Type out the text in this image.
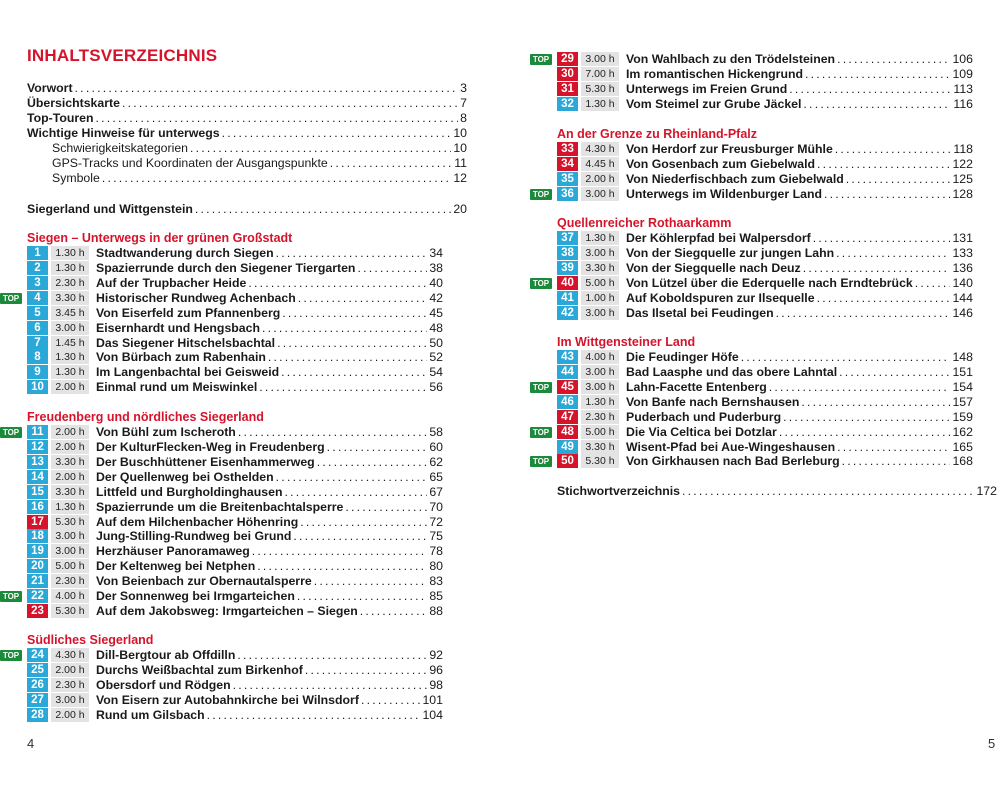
INHALTSVERZEICHNIS
Vorwort . . .	3
Übersichtskarte . . .	7
Top-Touren . . .	8
Wichtige Hinweise für unterwegs . . .	10
Schwierigkeitskategorien . . .	10
GPS-Tracks und Koordinaten der Ausgangspunkte . . .	11
Symbole . . .	12
Siegerland und Wittgenstein . . .	20
Siegen – Unterwegs in der grünen Großstadt
1	1.30 h Stadtwanderung durch Siegen . . .	34
2	1.30 h Spazierrunde durch den Siegener Tiergarten . . .	38
3	2.30 h Auf der Trupbacher Heide . . .	40
TOP	4	3.30 h Historischer Rundweg Achenbach . . .	42
5	3.45 h Von Eiserfeld zum Pfannenberg . . .	45
6	3.00 h Eisernhardt und Hengsbach . . .	48
7	1.45 h Das Siegener Hitschelsbachtal . . .	50
8	1.30 h Von Bürbach zum Rabenhain . . .	52
9	1.30 h Im Langenbachtal bei Geisweid . . .	54
10	2.00 h Einmal rund um Meiswinkel . . .	56
Freudenberg und nördliches Siegerland
TOP	11	2.00 h Von Bühl zum Ischeroth . . .	58
12	2.00 h Der KulturFlecken-Weg in Freudenberg . . .	60
13	3.30 h Der Buschhüttener Eisenhammerweg . . .	62
14	2.00 h Der Quellenweg bei Osthelden . . .	65
15	3.30 h Littfeld und Burgholdinghausen . . .	67
16	1.30 h Spazierrunde um die Breitenbachtalsperre . . .	70
17	5.30 h Auf dem Hilchenbacher Höhenring . . .	72
18	3.00 h Jung-Stilling-Rundweg bei Grund . . .	75
19	3.00 h Herzhäuser Panoramaweg . . .	78
20	5.00 h Der Keltenweg bei Netphen . . .	80
21	2.30 h Von Beienbach zur Obernautalsperre . . .	83
TOP	22	4.00 h Der Sonnenweg bei Irmgarteichen . . .	85
23	5.30 h Auf dem Jakobsweg: Irmgarteichen – Siegen . . .	88
Südliches Siegerland
TOP	24	4.30 h Dill-Bergtour ab Offdilln . . .	92
25	2.00 h Durchs Weißbachtal zum Birkenhof . . .	96
26	2.30 h Obersdorf und Rödgen . . .	98
27	3.00 h Von Eisern zur Autobahnkirche bei Wilnsdorf . . .	101
28	2.00 h Rund um Gilsbach . . .	104
TOP	29	3.00 h Von Wahlbach zu den Trödelsteinen . . .	106
30	7.00 h Im romantischen Hickengrund . . .	109
31	5.30 h Unterwegs im Freien Grund . . .	113
32	1.30 h Vom Steimel zur Grube Jäckel . . .	116
An der Grenze zu Rheinland-Pfalz
33	4.30 h Von Herdorf zur Freusburger Mühle . . .	118
34	4.45 h Von Gosenbach zum Giebelwald . . .	122
35	2.00 h Von Niederfischbach zum Giebelwald . . .	125
TOP	36	3.00 h Unterwegs im Wildenburger Land . . .	128
Quellenreicher Rothaarkamm
37	1.30 h Der Köhlerpfad bei Walpersdorf . . .	131
38	3.00 h Von der Siegquelle zur jungen Lahn . . .	133
39	3.30 h Von der Siegquelle nach Deuz . . .	136
TOP	40	5.00 h Von Lützel über die Ederquelle nach Erndtebrück . . .	140
41	1.00 h Auf Koboldspuren zur Ilsequelle . . .	144
42	3.00 h Das Ilsetal bei Feudingen . . .	146
Im Wittgensteiner Land
43	4.00 h Die Feudinger Höfe . . .	148
44	3.00 h Bad Laasphe und das obere Lahntal . . .	151
TOP	45	3.00 h Lahn-Facette Entenberg . . .	154
46	1.30 h Von Banfe nach Bernshausen . . .	157
47	2.30 h Puderbach und Puderburg . . .	159
TOP	48	5.00 h Die Via Celtica bei Dotzlar . . .	162
49	3.30 h Wisent-Pfad bei Aue-Wingeshausen . . .	165
TOP	50	5.30 h Von Girkhausen nach Bad Berleburg . . .	168
Stichwortverzeichnis . . .	172
4	5
